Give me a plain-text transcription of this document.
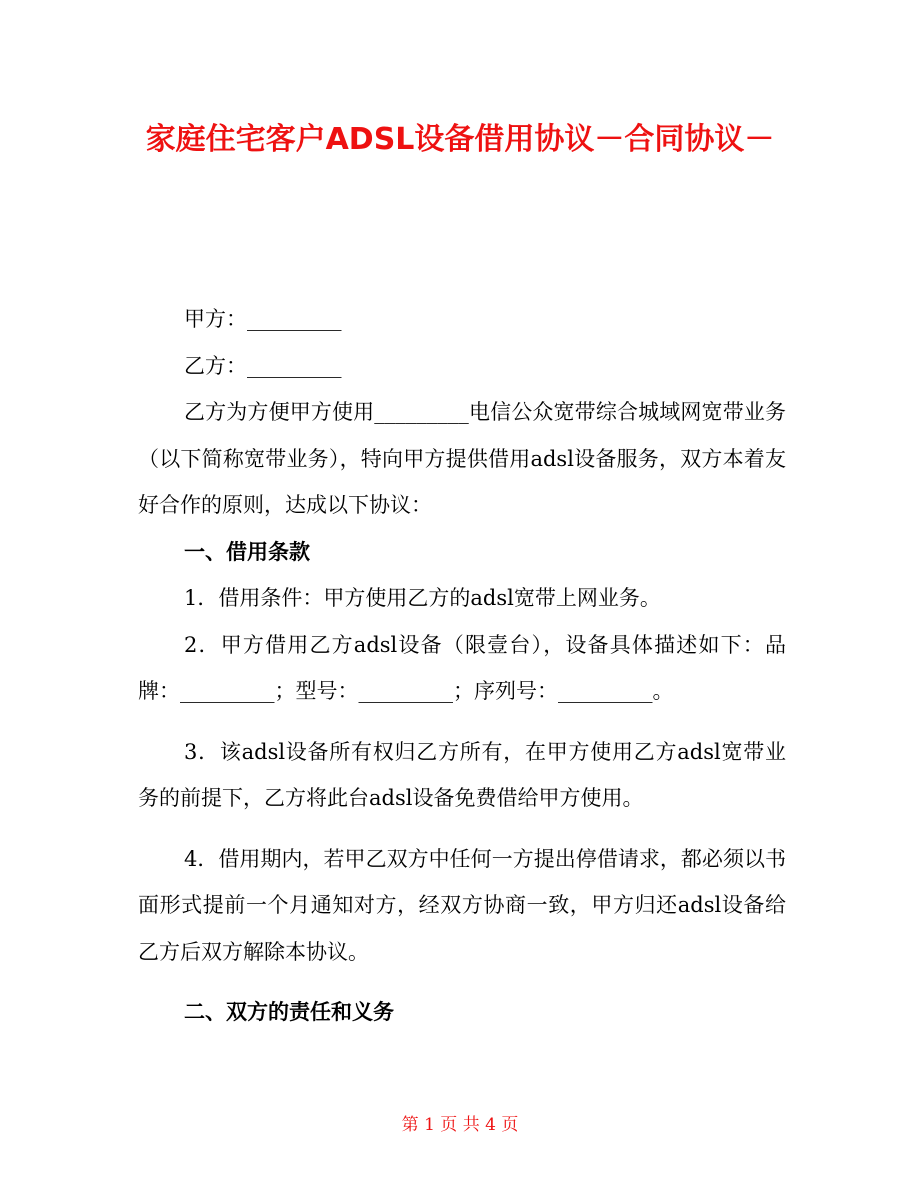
家庭住宅客户ADSL设备借用协议－合同协议－

甲方：_________

乙方：_________

乙方为方便甲方使用_________电信公众宽带综合城域网宽带业务（以下简称宽带业务），特向甲方提供借用adsl设备服务，双方本着友好合作的原则，达成以下协议：

一、借用条款

1．借用条件：甲方使用乙方的adsl宽带上网业务。

2．甲方借用乙方adsl设备（限壹台），设备具体描述如下：品牌：_________；型号：_________；序列号：_________。

3．该adsl设备所有权归乙方所有，在甲方使用乙方adsl宽带业务的前提下，乙方将此台adsl设备免费借给甲方使用。

4．借用期内，若甲乙双方中任何一方提出停借请求，都必须以书面形式提前一个月通知对方，经双方协商一致，甲方归还adsl设备给乙方后双方解除本协议。

二、双方的责任和义务

第 1 页 共 4 页
